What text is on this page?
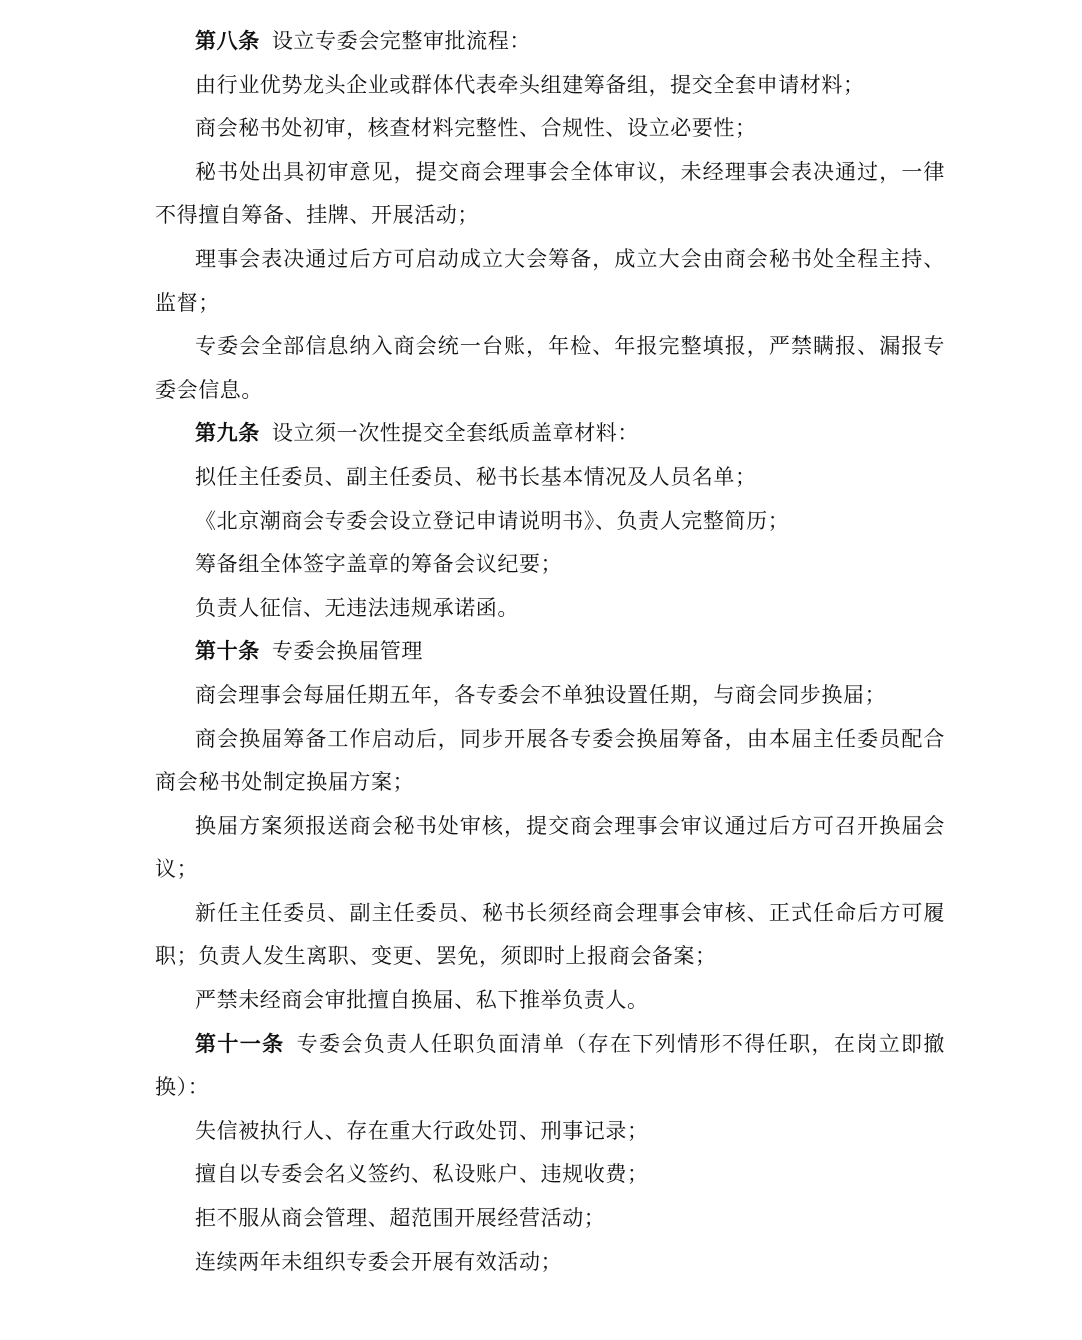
第八条 设立专委会完整审批流程：

由行业优势龙头企业或群体代表牵头组建筹备组，提交全套申请材料；

商会秘书处初审，核查材料完整性、合规性、设立必要性；

秘书处出具初审意见，提交商会理事会全体审议，未经理事会表决通过，一律不得擅自筹备、挂牌、开展活动；

理事会表决通过后方可启动成立大会筹备，成立大会由商会秘书处全程主持、监督；

专委会全部信息纳入商会统一台账，年检、年报完整填报，严禁瞒报、漏报专委会信息。

第九条 设立须一次性提交全套纸质盖章材料：

拟任主任委员、副主任委员、秘书长基本情况及人员名单；

《北京潮商会专委会设立登记申请说明书》、负责人完整简历；

筹备组全体签字盖章的筹备会议纪要；

负责人征信、无违法违规承诺函。

第十条 专委会换届管理

商会理事会每届任期五年，各专委会不单独设置任期，与商会同步换届；

商会换届筹备工作启动后，同步开展各专委会换届筹备，由本届主任委员配合商会秘书处制定换届方案；

换届方案须报送商会秘书处审核，提交商会理事会审议通过后方可召开换届会议；

新任主任委员、副主任委员、秘书长须经商会理事会审核、正式任命后方可履职；负责人发生离职、变更、罢免，须即时上报商会备案；

严禁未经商会审批擅自换届、私下推举负责人。

第十一条 专委会负责人任职负面清单（存在下列情形不得任职，在岗立即撤换）：

失信被执行人、存在重大行政处罚、刑事记录；

擅自以专委会名义签约、私设账户、违规收费；

拒不服从商会管理、超范围开展经营活动；

连续两年未组织专委会开展有效活动；
